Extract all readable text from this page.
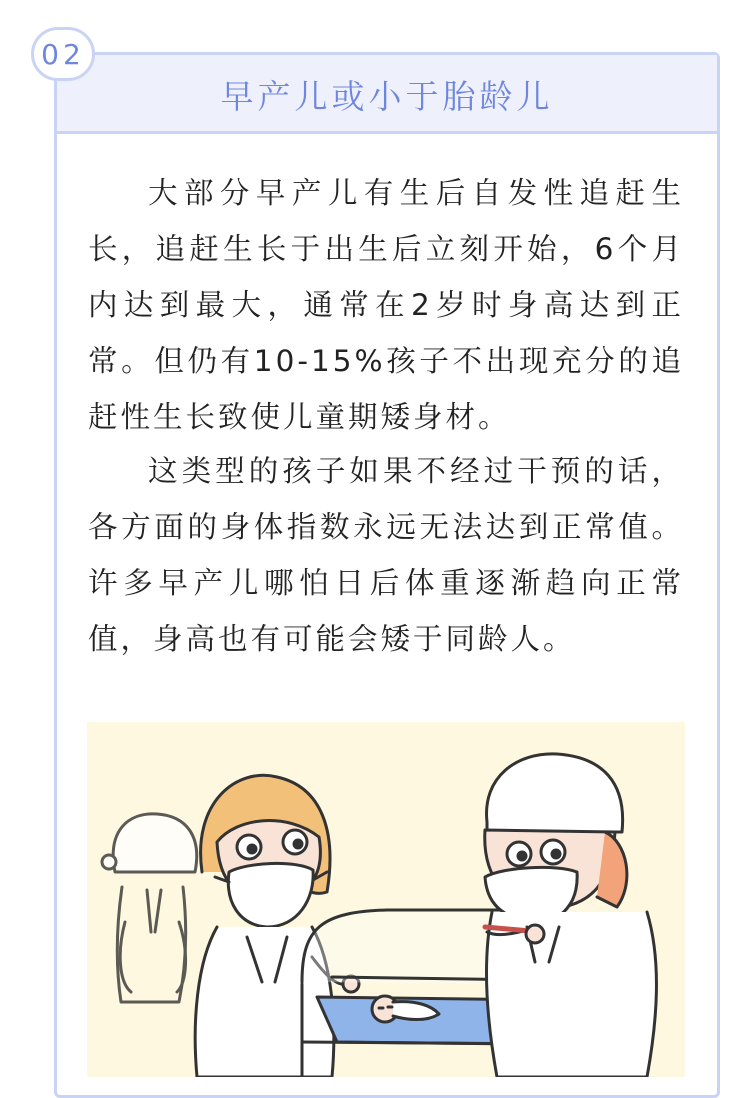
早产儿或小于胎龄儿
02

大部分早产儿有生后自发性追赶生长，追赶生长于出生后立刻开始，6个月内达到最大，通常在2岁时身高达到正常。但仍有10-15%孩子不出现充分的追赶性生长致使儿童期矮身材。

这类型的孩子如果不经过干预的话，各方面的身体指数永远无法达到正常值。许多早产儿哪怕日后体重逐渐趋向正常值，身高也有可能会矮于同龄人。
